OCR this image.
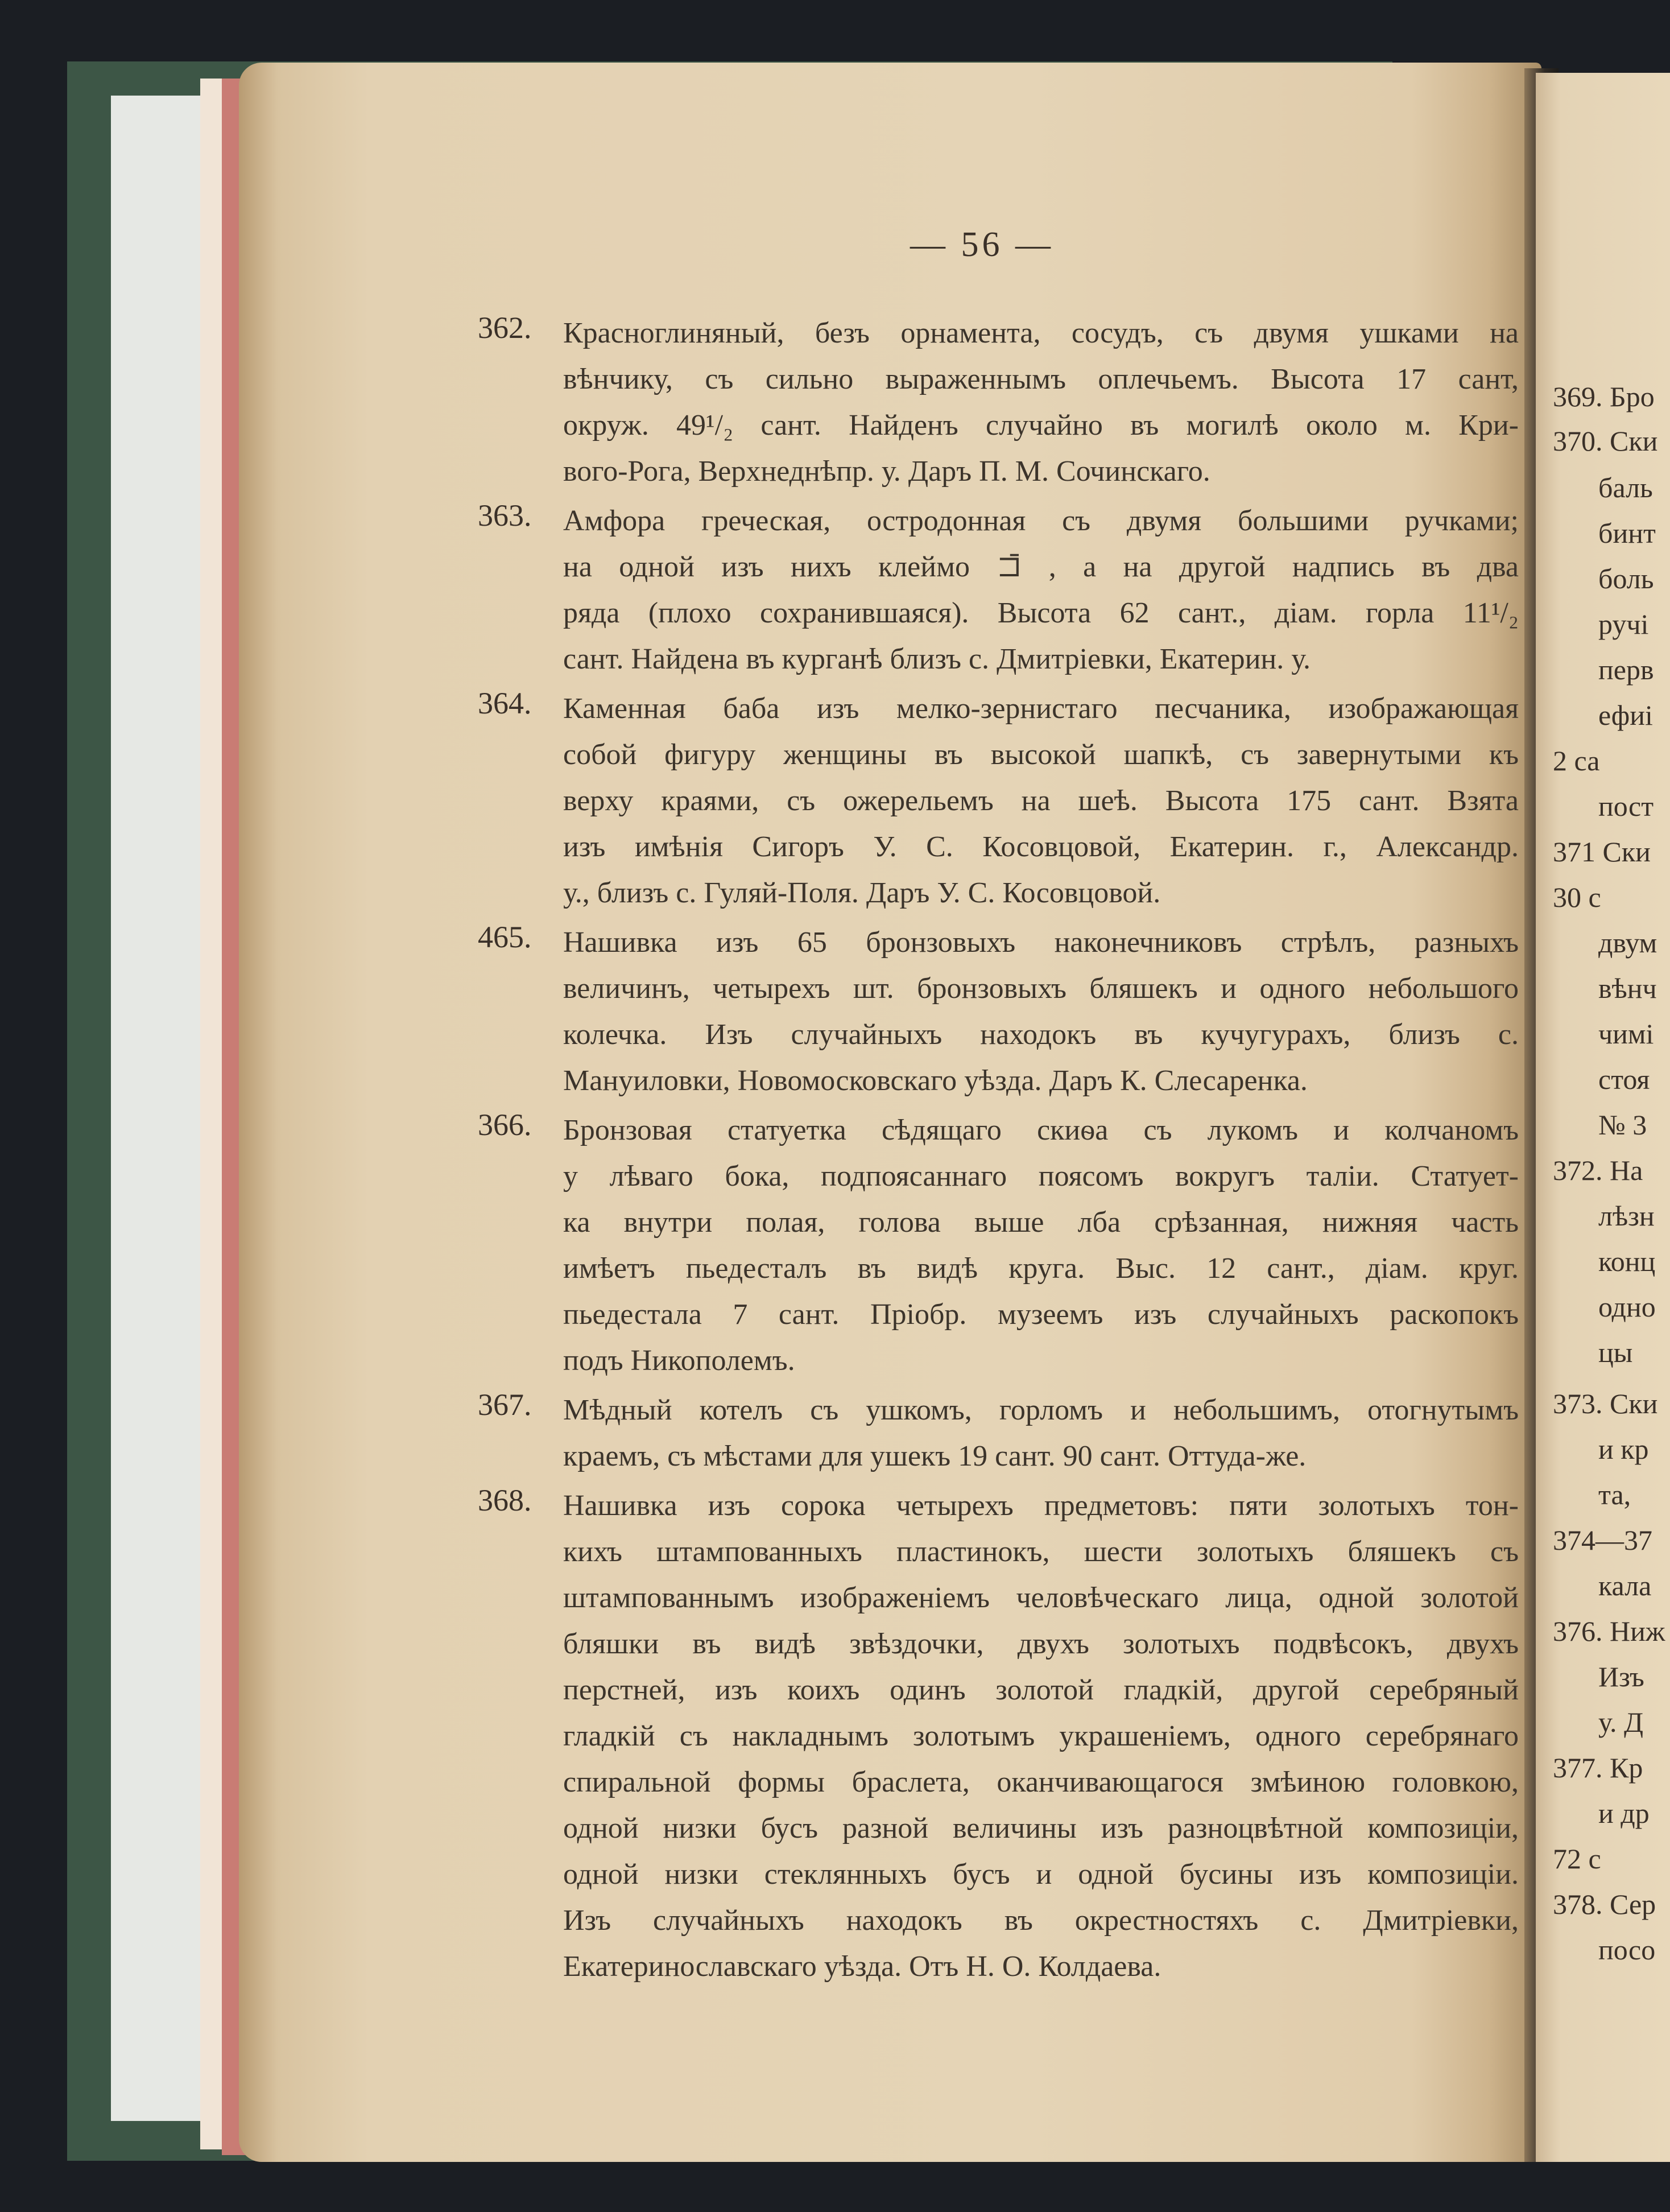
369. Бро
370. Ски
баль
бинт
боль
ручі
перв
ефиі
2 са
пост
371 Ски
30 с
двум
вѣнч
чимі
стоя
№ 3
372. На
лѣзн
конц
одно
цы
373. Ски
и кр
та,
374—37
кала
376. Ниж
Изъ
у. Д
377. Кр
и др
72 с
378. Сер
посо
— 56 —
362. Красноглиняный, безъ орнамента, сосудъ, съ двумя ушками на
вѣнчику, съ сильно выраженнымъ оплечьемъ. Высота 17 сант,
окруж. 49¹/₂ сант. Найденъ случайно въ могилѣ около м. Кри-
вого-Рога, Верхнеднѣпр. у. Даръ П. М. Сочинскаго.
363. Амфора греческая, остродонная съ двумя большими ручками;
на одной изъ нихъ клеймо ⊐̄ , а на другой надпись въ два
ряда (плохо сохранившаяся). Высота 62 сант., діам. горла 11¹/₂
сант. Найдена въ курганѣ близъ с. Дмитріевки, Екатерин. у.
364. Каменная баба изъ мелко-зернистаго песчаника, изображающая
собой фигуру женщины въ высокой шапкѣ, съ завернутыми къ
верху краями, съ ожерельемъ на шеѣ. Высота 175 сант. Взята
изъ имѣнія Сигоръ У. С. Косовцовой, Екатерин. г., Александр.
у., близъ с. Гуляй-Поля. Даръ У. С. Косовцовой.
465. Нашивка изъ 65 бронзовыхъ наконечниковъ стрѣлъ, разныхъ
величинъ, четырехъ шт. бронзовыхъ бляшекъ и одного небольшого
колечка. Изъ случайныхъ находокъ въ кучугурахъ, близъ с.
Мануиловки, Новомосковскаго уѣзда. Даръ К. Слесаренка.
366. Бронзовая статуетка сѣдящаго скиѳа съ лукомъ и колчаномъ
у лѣваго бока, подпоясаннаго поясомъ вокругъ таліи. Статует-
ка внутри полая, голова выше лба срѣзанная, нижняя часть
имѣетъ пьедесталъ въ видѣ круга. Выс. 12 сант., діам. круг.
пьедестала 7 сант. Пріобр. музеемъ изъ случайныхъ раскопокъ
подъ Никополемъ.
367. Мѣдный котелъ съ ушкомъ, горломъ и небольшимъ, отогнутымъ
краемъ, съ мѣстами для ушекъ 19 сант. 90 сант. Оттуда-же.
368. Нашивка изъ сорока четырехъ предметовъ: пяти золотыхъ тон-
кихъ штампованныхъ пластинокъ, шести золотыхъ бляшекъ съ
штампованнымъ изображеніемъ человѣческаго лица, одной золотой
бляшки въ видѣ звѣздочки, двухъ золотыхъ подвѣсокъ, двухъ
перстней, изъ коихъ одинъ золотой гладкій, другой серебряный
гладкій съ накладнымъ золотымъ украшеніемъ, одного серебрянаго
спиральной формы браслета, оканчивающагося змѣиною головкою,
одной низки бусъ разной величины изъ разноцвѣтной композиціи,
одной низки стеклянныхъ бусъ и одной бусины изъ композиціи.
Изъ случайныхъ находокъ въ окрестностяхъ с. Дмитріевки,
Екатеринославскаго уѣзда. Отъ Н. О. Колдаева.
